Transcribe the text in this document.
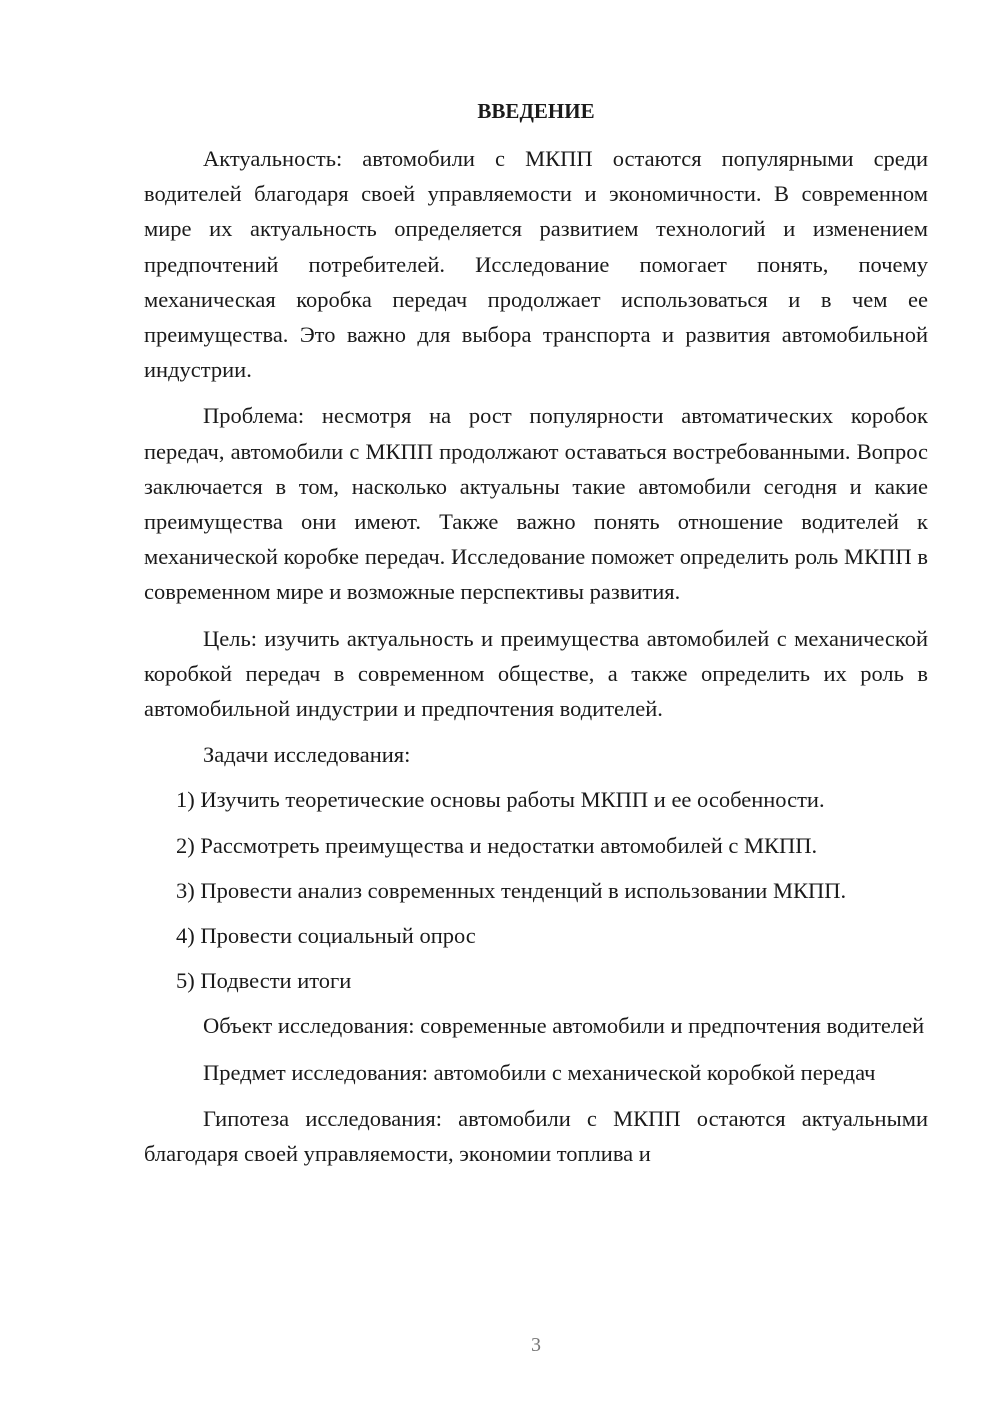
ВВЕДЕНИЕ

Актуальность: автомобили с МКПП остаются популярными среди водителей благодаря своей управляемости и экономичности. В современном мире их актуальность определяется развитием технологий и изменением предпочтений потребителей. Исследование помогает понять, почему механическая коробка передач продолжает использоваться и в чем ее преимущества. Это важно для выбора транспорта и развития автомобильной индустрии.

Проблема: несмотря на рост популярности автоматических коробок передач, автомобили с МКПП продолжают оставаться востребованными. Вопрос заключается в том, насколько актуальны такие автомобили сегодня и какие преимущества они имеют. Также важно понять отношение водителей к механической коробке передач. Исследование поможет определить роль МКПП в современном мире и возможные перспективы развития.

Цель: изучить актуальность и преимущества автомобилей с механической коробкой передач в современном обществе, а также определить их роль в автомобильной индустрии и предпочтения водителей.

Задачи исследования:

1) Изучить теоретические основы работы МКПП и ее особенности.

2) Рассмотреть преимущества и недостатки автомобилей с МКПП.

3) Провести анализ современных тенденций в использовании МКПП.

4) Провести социальный опрос

5) Подвести итоги

Объект исследования: современные автомобили и предпочтения водителей

Предмет исследования: автомобили с механической коробкой передач

Гипотеза исследования: автомобили с МКПП остаются актуальными благодаря своей управляемости, экономии топлива и

3
